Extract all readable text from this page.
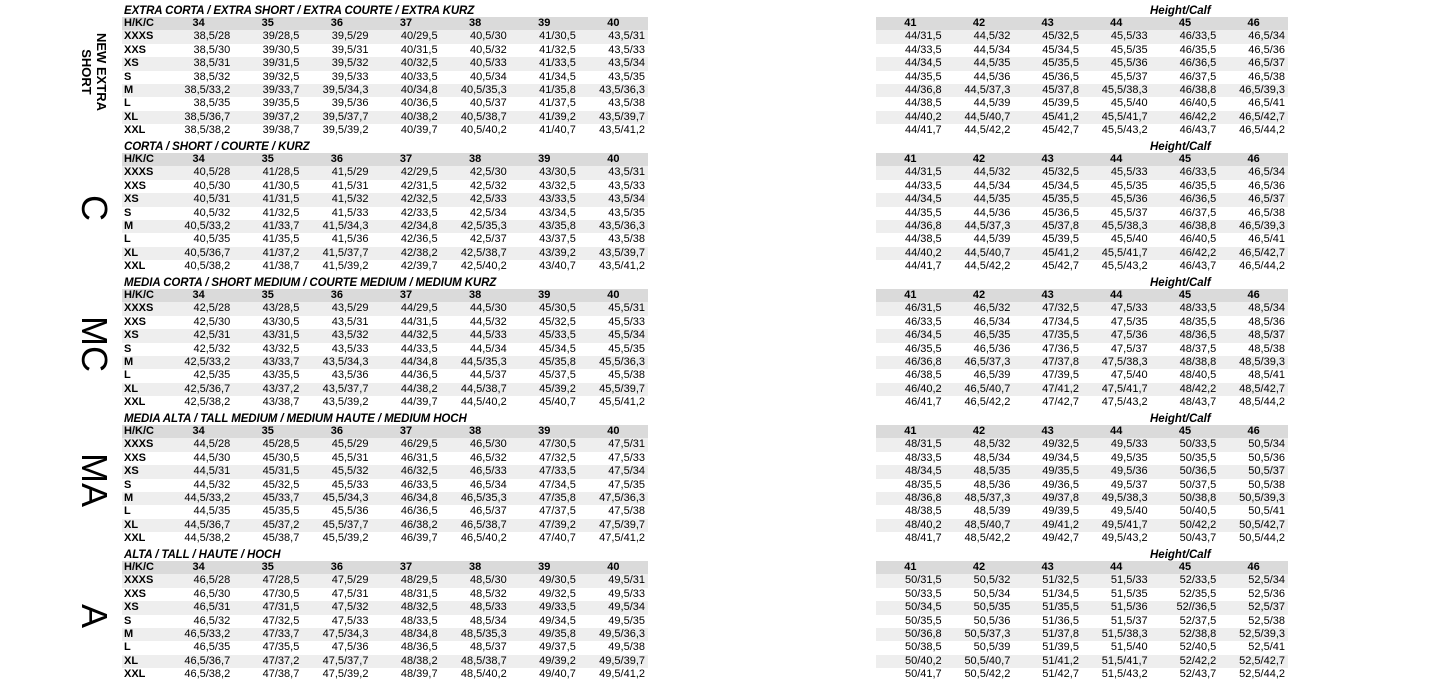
NEW EXTRA
SHORT
EXTRA CORTA / EXTRA SHORT / EXTRA COURTE / EXTRA KURZ	Height/Calf
H/K/C	34	35	36	37	38	39	40
XXXS	38,5/28	39/28,5	39,5/29	40/29,5	40,5/30	41/30,5	43,5/31
XXS	38,5/30	39/30,5	39,5/31	40/31,5	40,5/32	41/32,5	43,5/33
XS	38,5/31	39/31,5	39,5/32	40/32,5	40,5/33	41/33,5	43,5/34
S	38,5/32	39/32,5	39,5/33	40/33,5	40,5/34	41/34,5	43,5/35
M	38,5/33,2	39/33,7	39,5/34,3	40/34,8	40,5/35,3	41/35,8	43,5/36,3
L	38,5/35	39/35,5	39,5/36	40/36,5	40,5/37	41/37,5	43,5/38
XL	38,5/36,7	39/37,2	39,5/37,7	40/38,2	40,5/38,7	41/39,2	43,5/39,7
XXL	38,5/38,2	39/38,7	39,5/39,2	40/39,7	40,5/40,2	41/40,7	43,5/41,2
41	42	43	44	45	46
44/31,5	44,5/32	45/32,5	45,5/33	46/33,5	46,5/34
44/33,5	44,5/34	45/34,5	45,5/35	46/35,5	46,5/36
44/34,5	44,5/35	45/35,5	45,5/36	46/36,5	46,5/37
44/35,5	44,5/36	45/36,5	45,5/37	46/37,5	46,5/38
44/36,8	44,5/37,3	45/37,8	45,5/38,3	46/38,8	46,5/39,3
44/38,5	44,5/39	45/39,5	45,5/40	46/40,5	46,5/41
44/40,2	44,5/40,7	45/41,2	45,5/41,7	46/42,2	46,5/42,7
44/41,7	44,5/42,2	45/42,7	45,5/43,2	46/43,7	46,5/44,2
C
CORTA / SHORT / COURTE / KURZ	Height/Calf
H/K/C	34	35	36	37	38	39	40
XXXS	40,5/28	41/28,5	41,5/29	42/29,5	42,5/30	43/30,5	43,5/31
XXS	40,5/30	41/30,5	41,5/31	42/31,5	42,5/32	43/32,5	43,5/33
XS	40,5/31	41/31,5	41,5/32	42/32,5	42,5/33	43/33,5	43,5/34
S	40,5/32	41/32,5	41,5/33	42/33,5	42,5/34	43/34,5	43,5/35
M	40,5/33,2	41/33,7	41,5/34,3	42/34,8	42,5/35,3	43/35,8	43,5/36,3
L	40,5/35	41/35,5	41,5/36	42/36,5	42,5/37	43/37,5	43,5/38
XL	40,5/36,7	41/37,2	41,5/37,7	42/38,2	42,5/38,7	43/39,2	43,5/39,7
XXL	40,5/38,2	41/38,7	41,5/39,2	42/39,7	42,5/40,2	43/40,7	43,5/41,2
41	42	43	44	45	46
44/31,5	44,5/32	45/32,5	45,5/33	46/33,5	46,5/34
44/33,5	44,5/34	45/34,5	45,5/35	46/35,5	46,5/36
44/34,5	44,5/35	45/35,5	45,5/36	46/36,5	46,5/37
44/35,5	44,5/36	45/36,5	45,5/37	46/37,5	46,5/38
44/36,8	44,5/37,3	45/37,8	45,5/38,3	46/38,8	46,5/39,3
44/38,5	44,5/39	45/39,5	45,5/40	46/40,5	46,5/41
44/40,2	44,5/40,7	45/41,2	45,5/41,7	46/42,2	46,5/42,7
44/41,7	44,5/42,2	45/42,7	45,5/43,2	46/43,7	46,5/44,2
MC
MEDIA CORTA / SHORT MEDIUM / COURTE MEDIUM / MEDIUM KURZ	Height/Calf
H/K/C	34	35	36	37	38	39	40
XXXS	42,5/28	43/28,5	43,5/29	44/29,5	44,5/30	45/30,5	45,5/31
XXS	42,5/30	43/30,5	43,5/31	44/31,5	44,5/32	45/32,5	45,5/33
XS	42,5/31	43/31,5	43,5/32	44/32,5	44,5/33	45/33,5	45,5/34
S	42,5/32	43/32,5	43,5/33	44/33,5	44,5/34	45/34,5	45,5/35
M	42,5/33,2	43/33,7	43,5/34,3	44/34,8	44,5/35,3	45/35,8	45,5/36,3
L	42,5/35	43/35,5	43,5/36	44/36,5	44,5/37	45/37,5	45,5/38
XL	42,5/36,7	43/37,2	43,5/37,7	44/38,2	44,5/38,7	45/39,2	45,5/39,7
XXL	42,5/38,2	43/38,7	43,5/39,2	44/39,7	44,5/40,2	45/40,7	45,5/41,2
41	42	43	44	45	46
46/31,5	46,5/32	47/32,5	47,5/33	48/33,5	48,5/34
46/33,5	46,5/34	47/34,5	47,5/35	48/35,5	48,5/36
46/34,5	46,5/35	47/35,5	47,5/36	48/36,5	48,5/37
46/35,5	46,5/36	47/36,5	47,5/37	48/37,5	48,5/38
46/36,8	46,5/37,3	47/37,8	47,5/38,3	48/38,8	48,5/39,3
46/38,5	46,5/39	47/39,5	47,5/40	48/40,5	48,5/41
46/40,2	46,5/40,7	47/41,2	47,5/41,7	48/42,2	48,5/42,7
46/41,7	46,5/42,2	47/42,7	47,5/43,2	48/43,7	48,5/44,2
MA
MEDIA ALTA / TALL MEDIUM / MEDIUM HAUTE / MEDIUM HOCH	Height/Calf
H/K/C	34	35	36	37	38	39	40
XXXS	44,5/28	45/28,5	45,5/29	46/29,5	46,5/30	47/30,5	47,5/31
XXS	44,5/30	45/30,5	45,5/31	46/31,5	46,5/32	47/32,5	47,5/33
XS	44,5/31	45/31,5	45,5/32	46/32,5	46,5/33	47/33,5	47,5/34
S	44,5/32	45/32,5	45,5/33	46/33,5	46,5/34	47/34,5	47,5/35
M	44,5/33,2	45/33,7	45,5/34,3	46/34,8	46,5/35,3	47/35,8	47,5/36,3
L	44,5/35	45/35,5	45,5/36	46/36,5	46,5/37	47/37,5	47,5/38
XL	44,5/36,7	45/37,2	45,5/37,7	46/38,2	46,5/38,7	47/39,2	47,5/39,7
XXL	44,5/38,2	45/38,7	45,5/39,2	46/39,7	46,5/40,2	47/40,7	47,5/41,2
41	42	43	44	45	46
48/31,5	48,5/32	49/32,5	49,5/33	50/33,5	50,5/34
48/33,5	48,5/34	49/34,5	49,5/35	50/35,5	50,5/36
48/34,5	48,5/35	49/35,5	49,5/36	50/36,5	50,5/37
48/35,5	48,5/36	49/36,5	49,5/37	50/37,5	50,5/38
48/36,8	48,5/37,3	49/37,8	49,5/38,3	50/38,8	50,5/39,3
48/38,5	48,5/39	49/39,5	49,5/40	50/40,5	50,5/41
48/40,2	48,5/40,7	49/41,2	49,5/41,7	50/42,2	50,5/42,7
48/41,7	48,5/42,2	49/42,7	49,5/43,2	50/43,7	50,5/44,2
A
ALTA / TALL / HAUTE / HOCH	Height/Calf
H/K/C	34	35	36	37	38	39	40
XXXS	46,5/28	47/28,5	47,5/29	48/29,5	48,5/30	49/30,5	49,5/31
XXS	46,5/30	47/30,5	47,5/31	48/31,5	48,5/32	49/32,5	49,5/33
XS	46,5/31	47/31,5	47,5/32	48/32,5	48,5/33	49/33,5	49,5/34
S	46,5/32	47/32,5	47,5/33	48/33,5	48,5/34	49/34,5	49,5/35
M	46,5/33,2	47/33,7	47,5/34,3	48/34,8	48,5/35,3	49/35,8	49,5/36,3
L	46,5/35	47/35,5	47,5/36	48/36,5	48,5/37	49/37,5	49,5/38
XL	46,5/36,7	47/37,2	47,5/37,7	48/38,2	48,5/38,7	49/39,2	49,5/39,7
XXL	46,5/38,2	47/38,7	47,5/39,2	48/39,7	48,5/40,2	49/40,7	49,5/41,2
41	42	43	44	45	46
50/31,5	50,5/32	51/32,5	51,5/33	52/33,5	52,5/34
50/33,5	50,5/34	51/34,5	51,5/35	52/35,5	52,5/36
50/34,5	50,5/35	51/35,5	51,5/36	52//36,5	52,5/37
50/35,5	50,5/36	51/36,5	51,5/37	52/37,5	52,5/38
50/36,8	50,5/37,3	51/37,8	51,5/38,3	52/38,8	52,5/39,3
50/38,5	50,5/39	51/39,5	51,5/40	52/40,5	52,5/41
50/40,2	50,5/40,7	51/41,2	51,5/41,7	52/42,2	52,5/42,7
50/41,7	50,5/42,2	51/42,7	51,5/43,2	52/43,7	52,5/44,2
